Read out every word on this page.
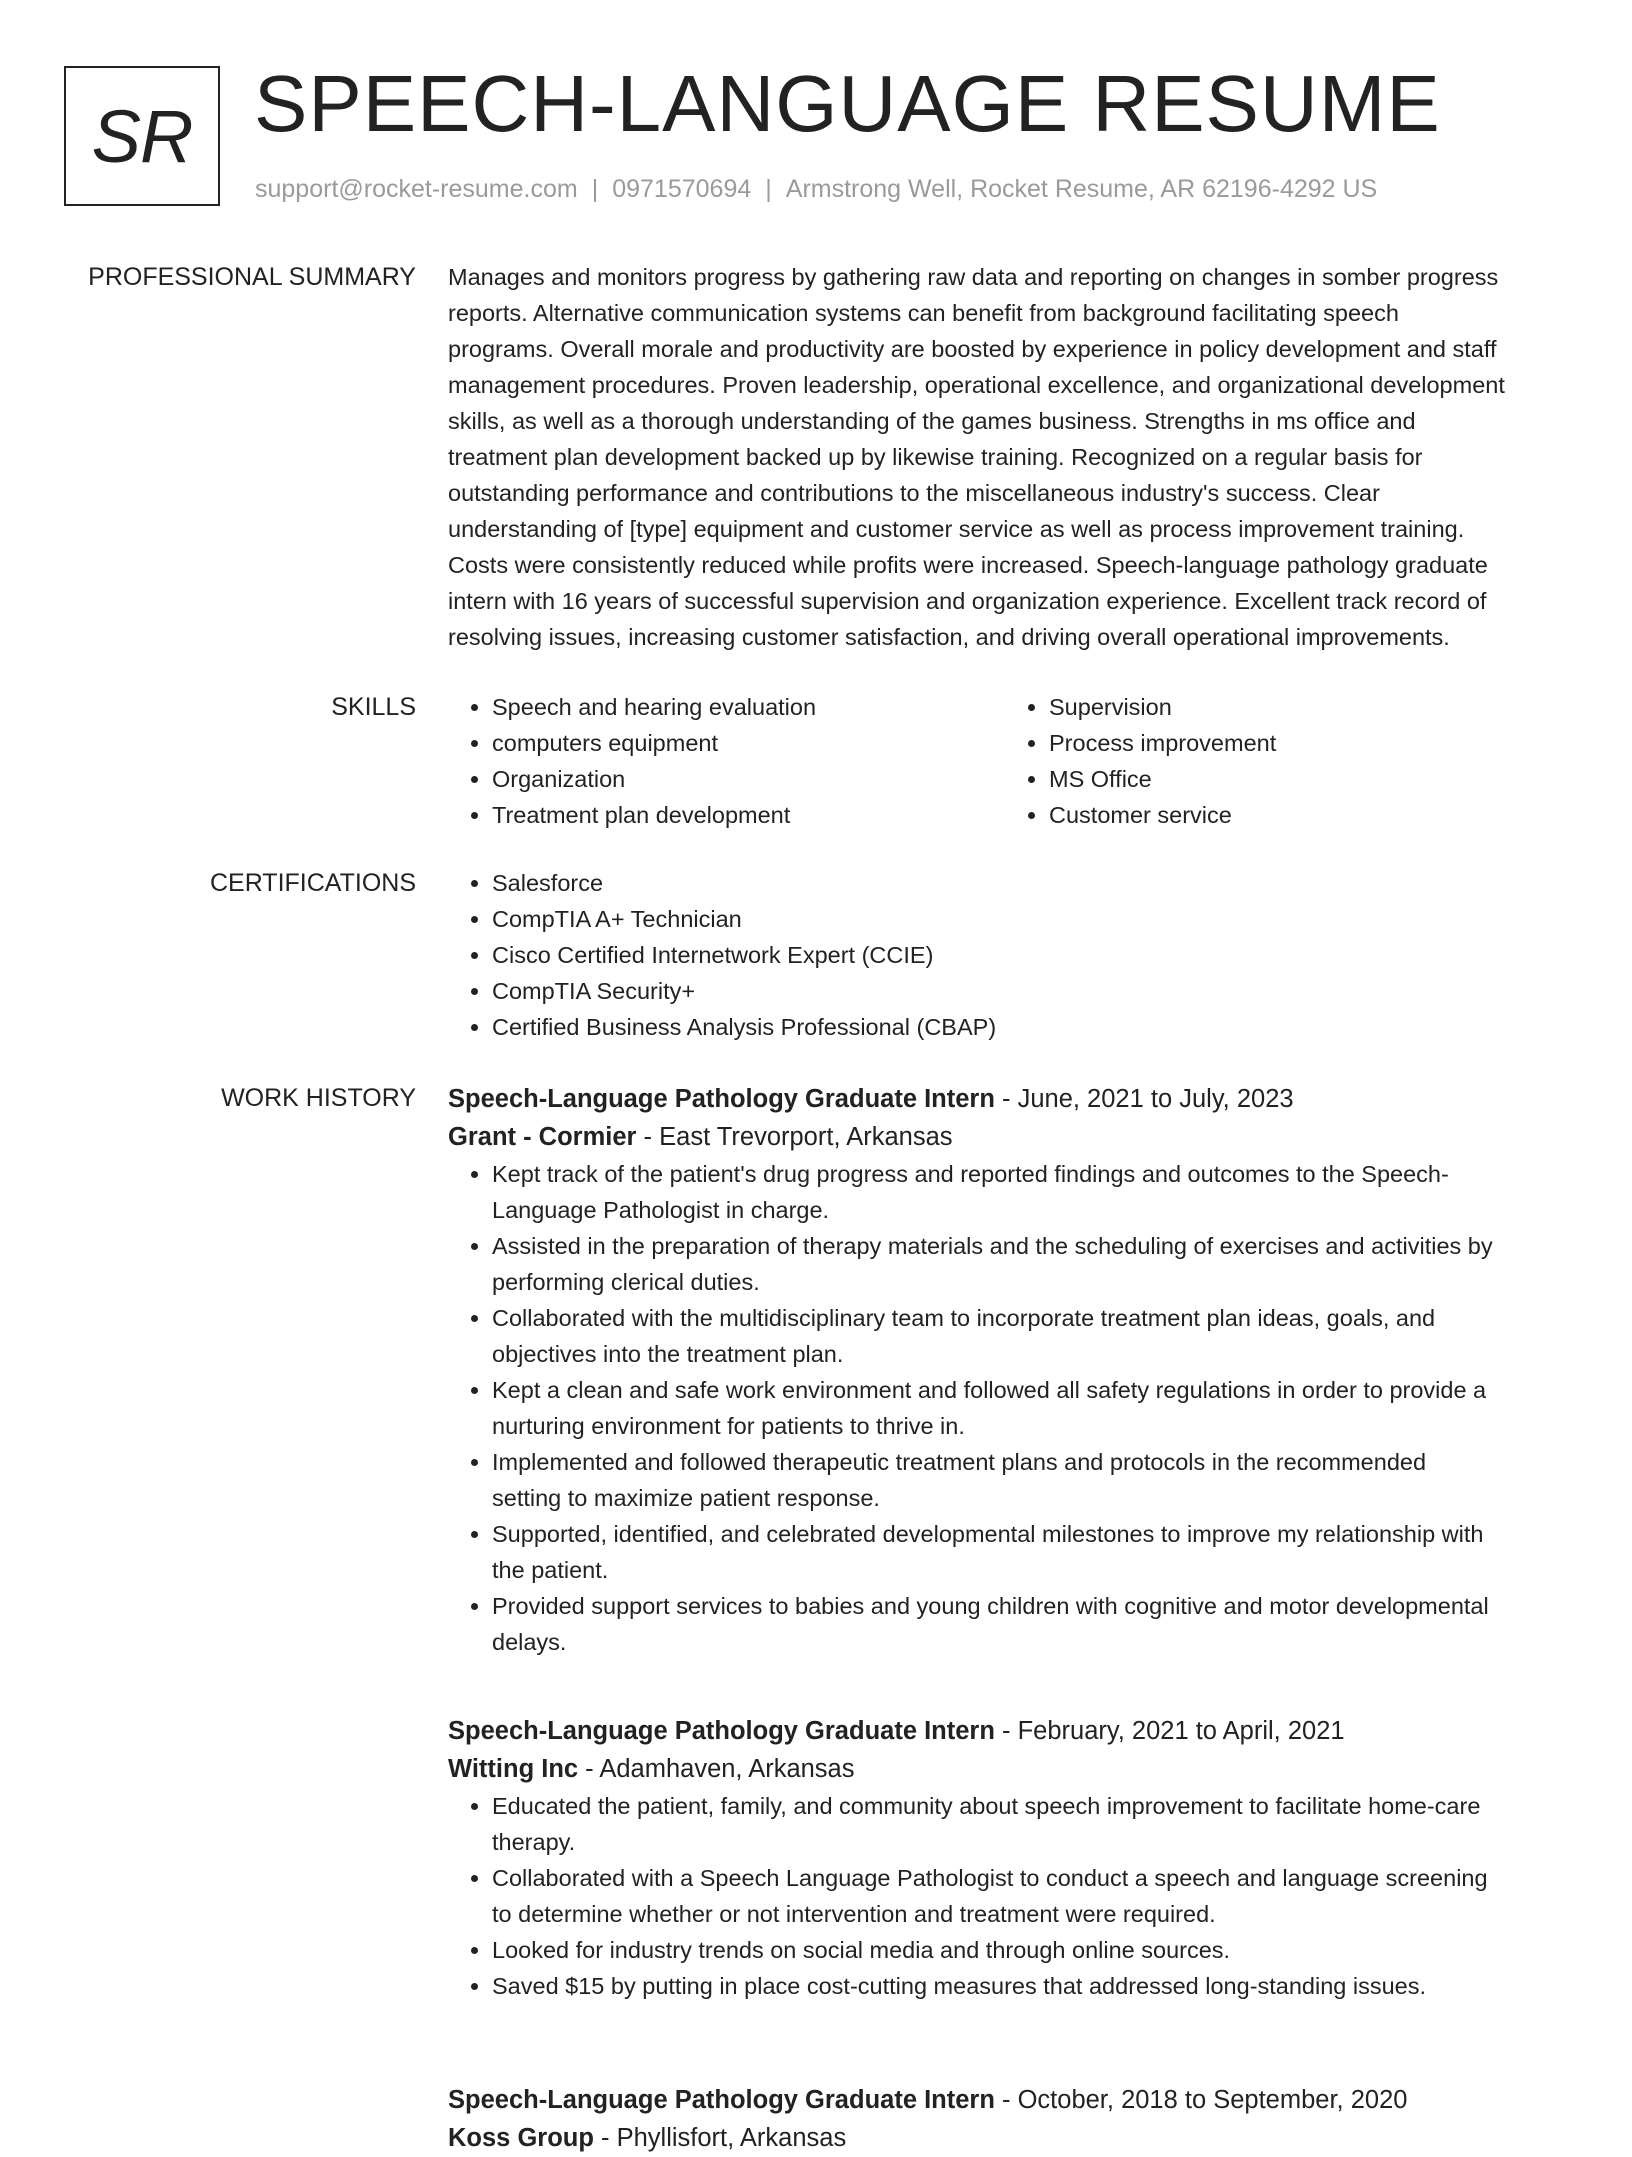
SR SPEECH-LANGUAGE RESUME
support@rocket-resume.com | 0971570694 | Armstrong Well, Rocket Resume, AR 62196-4292 US
PROFESSIONAL SUMMARY Manages and monitors progress by gathering raw data and reporting on changes in somber progress
reports. Alternative communication systems can benefit from background facilitating speech
programs. Overall morale and productivity are boosted by experience in policy development and staff
management procedures. Proven leadership, operational excellence, and organizational development
skills, as well as a thorough understanding of the games business. Strengths in ms office and
treatment plan development backed up by likewise training. Recognized on a regular basis for
outstanding performance and contributions to the miscellaneous industry's success. Clear
understanding of [type] equipment and customer service as well as process improvement training.
Costs were consistently reduced while profits were increased. Speech-language pathology graduate
intern with 16 years of successful supervision and organization experience. Excellent track record of
resolving issues, increasing customer satisfaction, and driving overall operational improvements.

SKILLS	• Speech and hearing evaluation
• computers equipment
• Organization
• Treatment plan development
• Supervision
• Process improvement
• MS Office
• Customer service
CERTIFICATIONS	• Salesforce
• CompTIA A+ Technician
• Cisco Certified Internetwork Expert (CCIE)
• CompTIA Security+
• Certified Business Analysis Professional (CBAP)
WORK HISTORY Speech-Language Pathology Graduate Intern - June, 2021 to July, 2023
Grant - Cormier - East Trevorport, Arkansas
• Kept track of the patient's drug progress and reported findings and outcomes to the Speech-
Language Pathologist in charge.
• Assisted in the preparation of therapy materials and the scheduling of exercises and activities by
performing clerical duties.
• Collaborated with the multidisciplinary team to incorporate treatment plan ideas, goals, and
objectives into the treatment plan.
• Kept a clean and safe work environment and followed all safety regulations in order to provide a
nurturing environment for patients to thrive in.
• Implemented and followed therapeutic treatment plans and protocols in the recommended
setting to maximize patient response.
• Supported, identified, and celebrated developmental milestones to improve my relationship with
the patient.
• Provided support services to babies and young children with cognitive and motor developmental
delays.
Speech-Language Pathology Graduate Intern - February, 2021 to April, 2021
Witting Inc - Adamhaven, Arkansas
• Educated the patient, family, and community about speech improvement to facilitate home-care
therapy.
• Collaborated with a Speech Language Pathologist to conduct a speech and language screening
to determine whether or not intervention and treatment were required.
• Looked for industry trends on social media and through online sources.
• Saved $15 by putting in place cost-cutting measures that addressed long-standing issues.
Speech-Language Pathology Graduate Intern - October, 2018 to September, 2020
Koss Group - Phyllisfort, Arkansas
